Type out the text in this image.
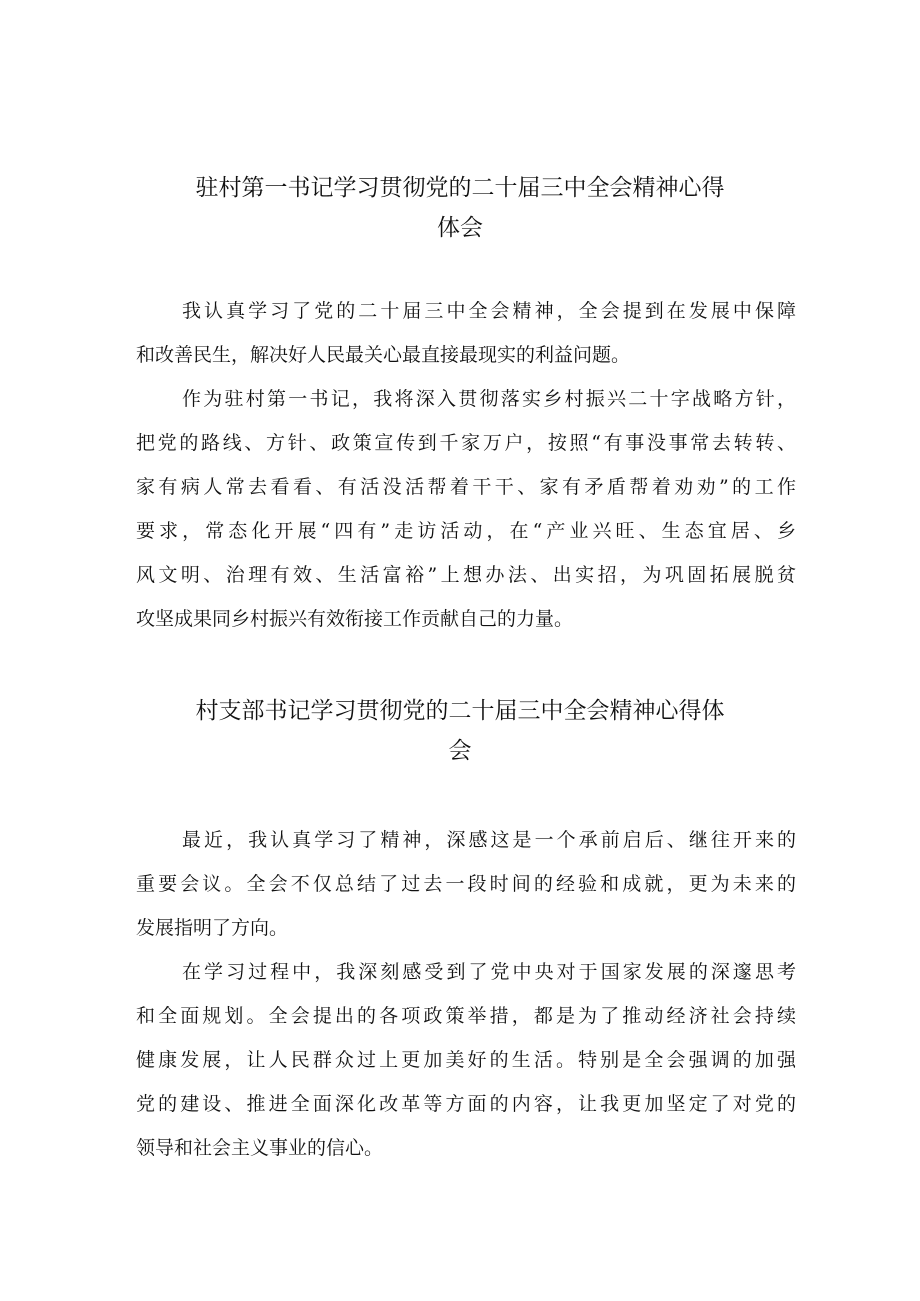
驻村第一书记学习贯彻党的二十届三中全会精神心得
体会

我认真学习了党的二十届三中全会精神，全会提到在发展中保障
和改善民生，解决好人民最关心最直接最现实的利益问题。

作为驻村第一书记，我将深入贯彻落实乡村振兴二十字战略方针，
把党的路线、方针、政策宣传到千家万户，按照“有事没事常去转转、
家有病人常去看看、有活没活帮着干干、家有矛盾帮着劝劝”的工作
要求，常态化开展“四有”走访活动，在“产业兴旺、生态宜居、乡
风文明、治理有效、生活富裕”上想办法、出实招，为巩固拓展脱贫
攻坚成果同乡村振兴有效衔接工作贡献自己的力量。

村支部书记学习贯彻党的二十届三中全会精神心得体
会

最近，我认真学习了精神，深感这是一个承前启后、继往开来的
重要会议。全会不仅总结了过去一段时间的经验和成就，更为未来的
发展指明了方向。

在学习过程中，我深刻感受到了党中央对于国家发展的深邃思考
和全面规划。全会提出的各项政策举措，都是为了推动经济社会持续
健康发展，让人民群众过上更加美好的生活。特别是全会强调的加强
党的建设、推进全面深化改革等方面的内容，让我更加坚定了对党的
领导和社会主义事业的信心。
